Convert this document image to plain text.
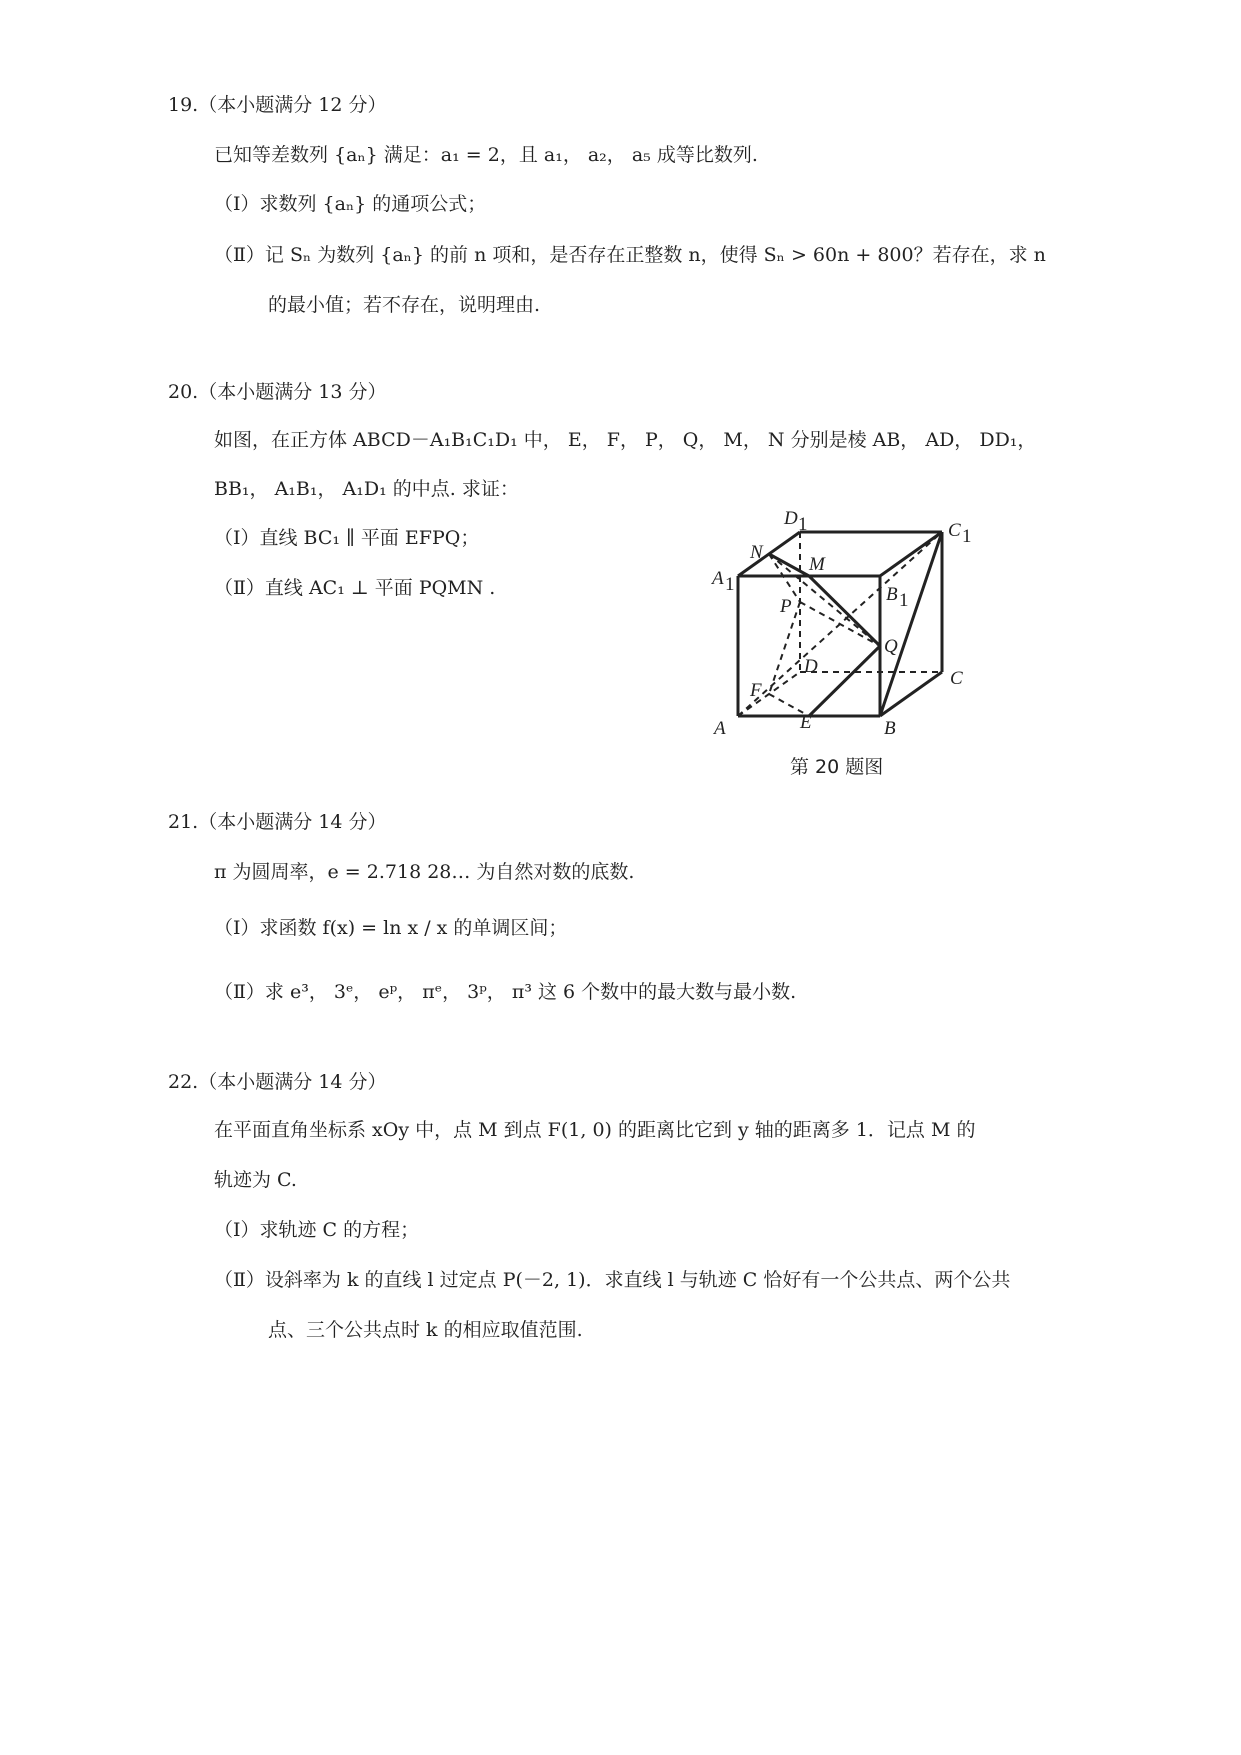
19.（本小题满分 12 分）
已知等差数列 {aₙ} 满足：a₁ = 2，且 a₁， a₂， a₅ 成等比数列.
（Ⅰ）求数列 {aₙ} 的通项公式；
（Ⅱ）记 Sₙ 为数列 {aₙ} 的前 n 项和，是否存在正整数 n，使得 Sₙ > 60n + 800？若存在，求 n
的最小值；若不存在，说明理由.
20.（本小题满分 13 分）
如图，在正方体 ABCD－A₁B₁C₁D₁ 中， E， F， P， Q， M， N 分别是棱 AB， AD， DD₁，
BB₁， A₁B₁， A₁D₁ 的中点. 求证：
（Ⅰ）直线 BC₁ ∥ 平面 EFPQ；
（Ⅱ）直线 AC₁ ⊥ 平面 PQMN .
A	B
C
D
E
F
P
Q
M
N
A 1	B 1
C 1
D 1
第 20 题图
21.（本小题满分 14 分）
π 为圆周率，e = 2.718 28… 为自然对数的底数.
（Ⅰ）求函数 f(x) = ln x / x 的单调区间；
（Ⅱ）求 e³， 3ᵉ， eᵖ， πᵉ， 3ᵖ， π³ 这 6 个数中的最大数与最小数.
22.（本小题满分 14 分）
在平面直角坐标系 xOy 中，点 M 到点 F(1, 0) 的距离比它到 y 轴的距离多 1．记点 M 的
轨迹为 C.
（Ⅰ）求轨迹 C 的方程；
（Ⅱ）设斜率为 k 的直线 l 过定点 P(－2, 1)．求直线 l 与轨迹 C 恰好有一个公共点、两个公共
点、三个公共点时 k 的相应取值范围.
